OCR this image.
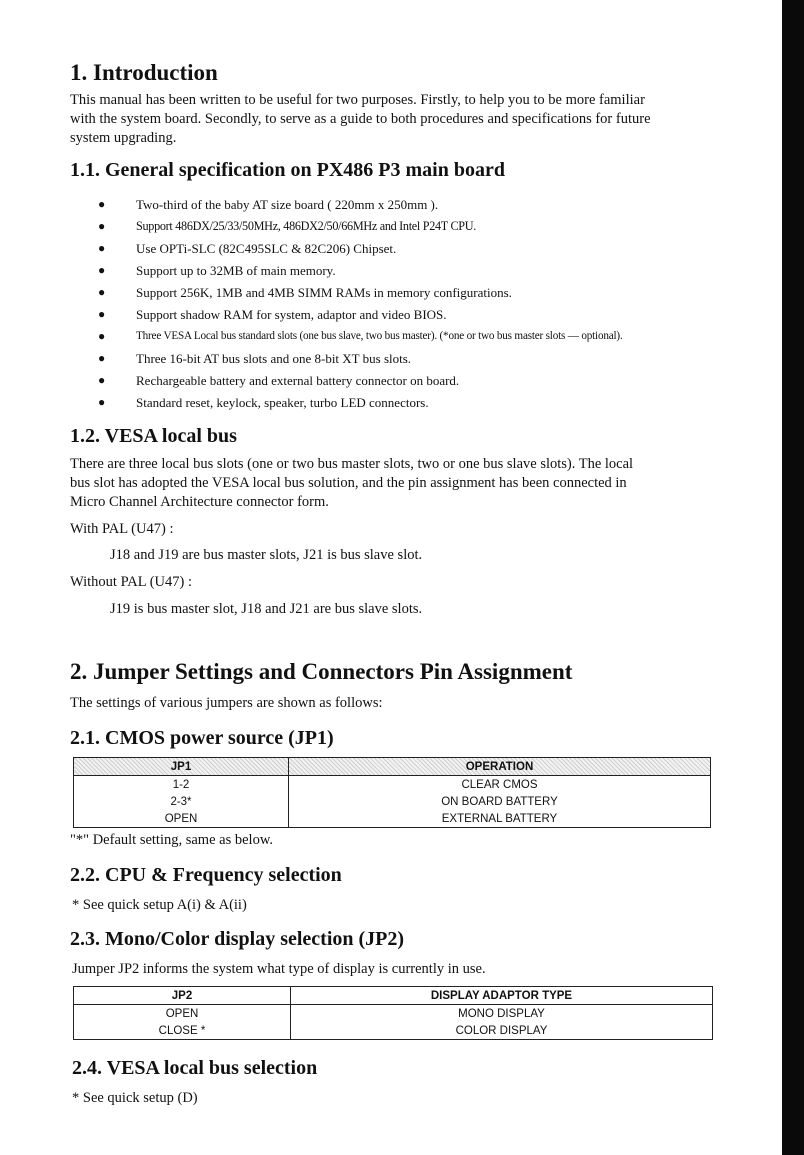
1. Introduction
This manual has been written to be useful for two purposes. Firstly, to help you to be more familiar
with the system board. Secondly, to serve as a guide to both procedures and specifications for future
system upgrading.
1.1. General specification on PX486 P3 main board
● Two-third of the baby AT size board ( 220mm x 250mm ).
●	Support 486DX/25/33/50MHz, 486DX2/50/66MHz and Intel P24T CPU.
● Use OPTi-SLC (82C495SLC & 82C206) Chipset.
● Support up to 32MB of main memory.
● Support 256K, 1MB and 4MB SIMM RAMs in memory configurations.
● Support shadow RAM for system, adaptor and video BIOS.
●	Three VESA Local bus standard slots (one bus slave, two bus master). (*one or two bus master slots — optional).
● Three 16-bit AT bus slots and one 8-bit XT bus slots.
● Rechargeable battery and external battery connector on board.
● Standard reset, keylock, speaker, turbo LED connectors.
1.2. VESA local bus
There are three local bus slots (one or two bus master slots, two or one bus slave slots). The local
bus slot has adopted the VESA local bus solution, and the pin assignment has been connected in
Micro Channel Architecture connector form.
With PAL (U47) :
J18 and J19 are bus master slots, J21 is bus slave slot.
Without PAL (U47) :
J19 is bus master slot, J18 and J21 are bus slave slots.
2. Jumper Settings and Connectors Pin Assignment
The settings of various jumpers are shown as follows:
2.1. CMOS power source (JP1)
JP1	OPERATION
1-2	CLEAR CMOS
2-3*	ON BOARD BATTERY
OPEN	EXTERNAL BATTERY
"*" Default setting, same as below.
2.2. CPU & Frequency selection
* See quick setup A(i) & A(ii)
2.3. Mono/Color display selection (JP2)
Jumper JP2 informs the system what type of display is currently in use.
JP2	DISPLAY ADAPTOR TYPE
OPEN	MONO DISPLAY
CLOSE *	COLOR DISPLAY
2.4. VESA local bus selection
* See quick setup (D)
